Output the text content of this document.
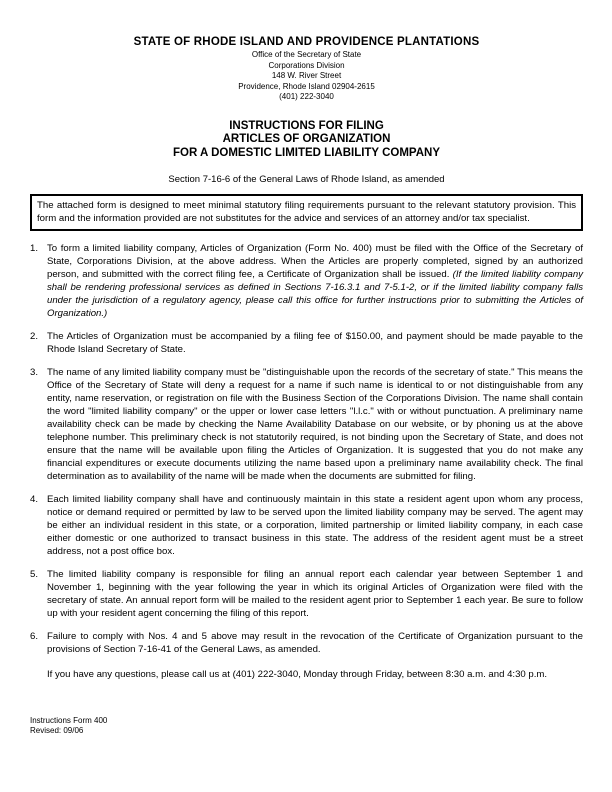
STATE OF RHODE ISLAND AND PROVIDENCE PLANTATIONS
Office of the Secretary of State
Corporations Division
148 W. River Street
Providence, Rhode Island 02904-2615
(401) 222-3040
INSTRUCTIONS FOR FILING
ARTICLES OF ORGANIZATION
FOR A DOMESTIC LIMITED LIABILITY COMPANY
Section 7-16-6 of the General Laws of Rhode Island, as amended
The attached form is designed to meet minimal statutory filing requirements pursuant to the relevant statutory provision. This form and the information provided are not substitutes for the advice and services of an attorney and/or tax specialist.
1. To form a limited liability company, Articles of Organization (Form No. 400) must be filed with the Office of the Secretary of State, Corporations Division, at the above address. When the Articles are properly completed, signed by an authorized person, and submitted with the correct filing fee, a Certificate of Organization shall be issued. (If the limited liability company shall be rendering professional services as defined in Sections 7-16.3.1 and 7-5.1-2, or if the limited liability company falls under the jurisdiction of a regulatory agency, please call this office for further instructions prior to submitting the Articles of Organization.)
2. The Articles of Organization must be accompanied by a filing fee of $150.00, and payment should be made payable to the Rhode Island Secretary of State.
3. The name of any limited liability company must be "distinguishable upon the records of the secretary of state." This means the Office of the Secretary of State will deny a request for a name if such name is identical to or not distinguishable from any entity, name reservation, or registration on file with the Business Section of the Corporations Division. The name shall contain the word "limited liability company" or the upper or lower case letters "l.l.c." with or without punctuation. A preliminary name availability check can be made by checking the Name Availability Database on our website, or by phoning us at the above telephone number. This preliminary check is not statutorily required, is not binding upon the Secretary of State, and does not ensure that the name will be available upon filing the Articles of Organization. It is suggested that you do not make any financial expenditures or execute documents utilizing the name based upon a preliminary name availability check. The final determination as to availability of the name will be made when the documents are submitted for filing.
4. Each limited liability company shall have and continuously maintain in this state a resident agent upon whom any process, notice or demand required or permitted by law to be served upon the limited liability company may be served. The agent may be either an individual resident in this state, or a corporation, limited partnership or limited liability company, in each case either domestic or one authorized to transact business in this state. The address of the resident agent must be a street address, not a post office box.
5. The limited liability company is responsible for filing an annual report each calendar year between September 1 and November 1, beginning with the year following the year in which its original Articles of Organization were filed with the secretary of state. An annual report form will be mailed to the resident agent prior to September 1 each year. Be sure to follow up with your resident agent concerning the filing of this report.
6. Failure to comply with Nos. 4 and 5 above may result in the revocation of the Certificate of Organization pursuant to the provisions of Section 7-16-41 of the General Laws, as amended.
If you have any questions, please call us at (401) 222-3040, Monday through Friday, between 8:30 a.m. and 4:30 p.m.
Instructions Form 400
Revised: 09/06
